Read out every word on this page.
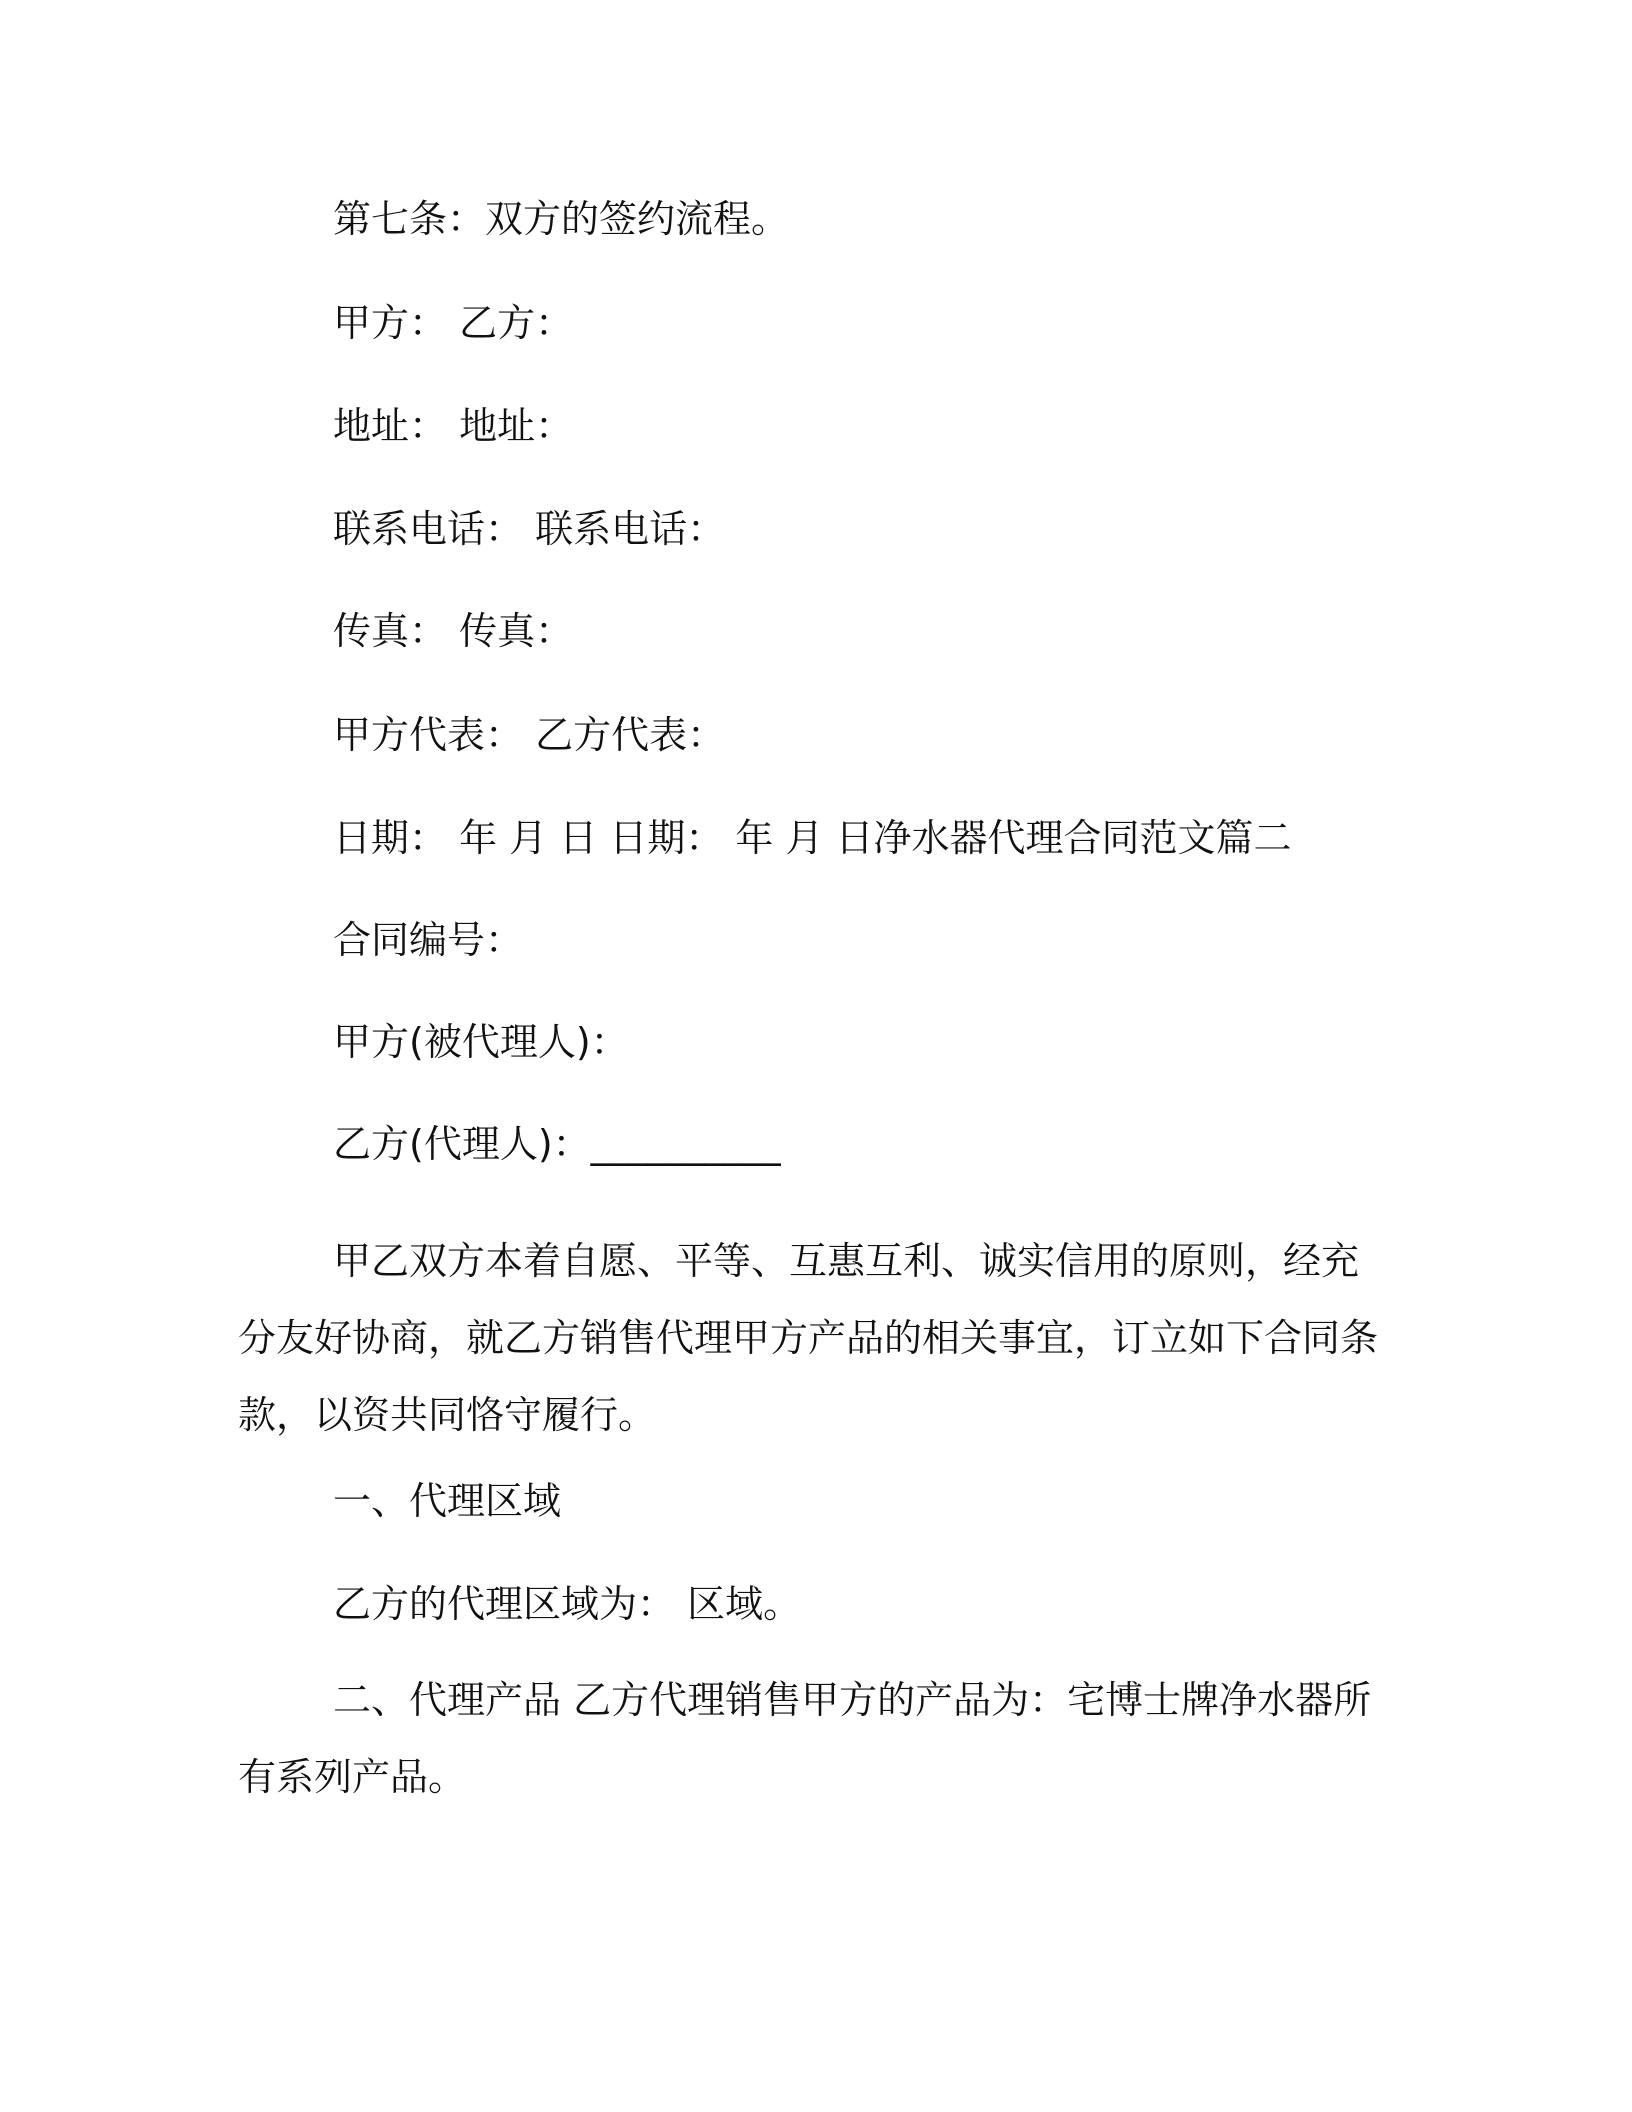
第七条：双方的签约流程。
甲方： 乙方：
地址： 地址：
联系电话： 联系电话：
传真： 传真：
甲方代表： 乙方代表：
日期： 年 月 日 日期： 年 月 日净水器代理合同范文篇二
合同编号：
甲方(被代理人)：
乙方(代理人)：__________
甲乙双方本着自愿、平等、互惠互利、诚实信用的原则，经充分友好协商，就乙方销售代理甲方产品的相关事宜，订立如下合同条款，以资共同恪守履行。
一、代理区域
乙方的代理区域为： 区域。
二、代理产品 乙方代理销售甲方的产品为：宅博士牌净水器所有系列产品。
